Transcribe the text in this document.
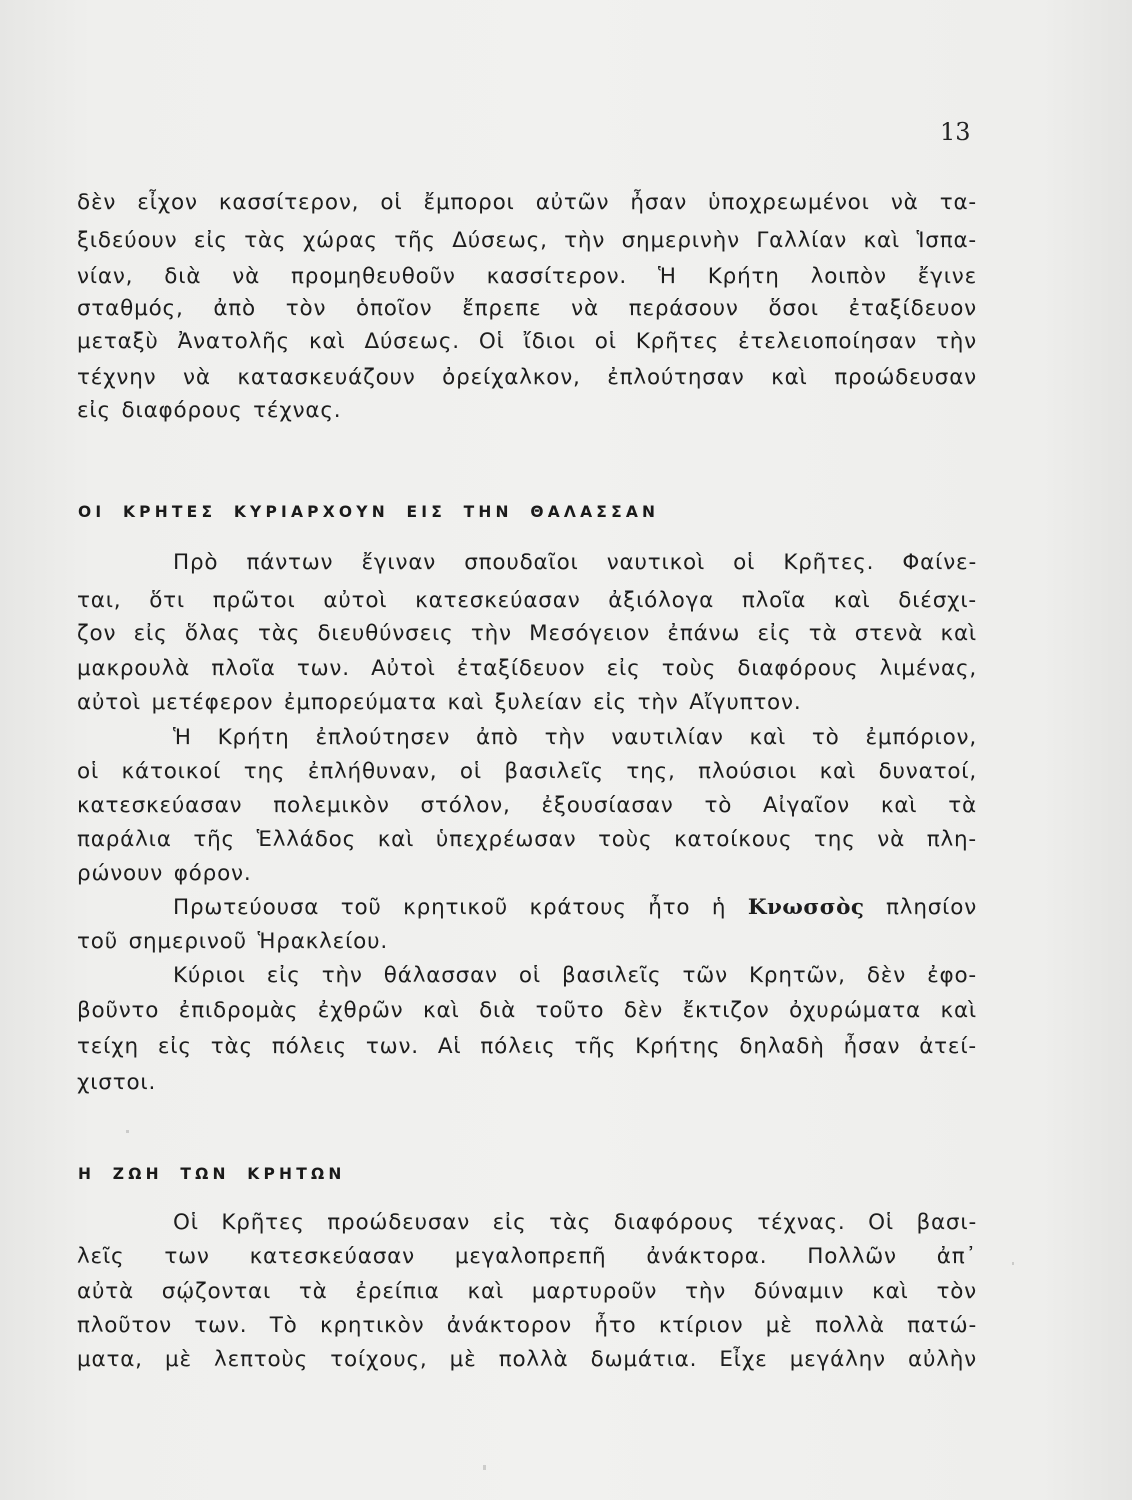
13
δὲν εἶχον κασσίτερον, οἱ ἔμποροι αὐτῶν ἦσαν ὑποχρεωμένοι νὰ τα-
ξιδεύουν εἰς τὰς χώρας τῆς Δύσεως, τὴν σημερινὴν Γαλλίαν καὶ Ἱσπα-
νίαν, διὰ νὰ προμηθευθοῦν κασσίτερον. Ἡ Κρήτη λοιπὸν ἔγινε
σταθμός, ἀπὸ τὸν ὁποῖον ἔπρεπε νὰ περάσουν ὅσοι ἐταξίδευον
μεταξὺ Ἀνατολῆς καὶ Δύσεως. Οἱ ἴδιοι οἱ Κρῆτες ἐτελειοποίησαν τὴν
τέχνην νὰ κατασκευάζουν ὀρείχαλκον, ἐπλούτησαν καὶ προώδευσαν
εἰς διαφόρους τέχνας.
ΟΙ ΚΡΗΤΕΣ ΚΥΡΙΑΡΧΟΥΝ ΕΙΣ ΤΗΝ ΘΑΛΑΣΣΑΝ
Πρὸ πάντων ἔγιναν σπουδαῖοι ναυτικοὶ οἱ Κρῆτες. Φαίνε-
ται, ὅτι πρῶτοι αὐτοὶ κατεσκεύασαν ἀξιόλογα πλοῖα καὶ διέσχι-
ζον εἰς ὅλας τὰς διευθύνσεις τὴν Μεσόγειον ἐπάνω εἰς τὰ στενὰ καὶ
μακρουλὰ πλοῖα των. Αὐτοὶ ἐταξίδευον εἰς τοὺς διαφόρους λιμένας,
αὐτοὶ μετέφερον ἐμπορεύματα καὶ ξυλείαν εἰς τὴν Αἴγυπτον.
Ἡ Κρήτη ἐπλούτησεν ἀπὸ τὴν ναυτιλίαν καὶ τὸ ἐμπόριον,
οἱ κάτοικοί της ἐπλήθυναν, οἱ βασιλεῖς της, πλούσιοι καὶ δυνατοί,
κατεσκεύασαν πολεμικὸν στόλον, ἐξουσίασαν τὸ Αἰγαῖον καὶ τὰ
παράλια τῆς Ἑλλάδος καὶ ὑπεχρέωσαν τοὺς κατοίκους της νὰ πλη-
ρώνουν φόρον.
Πρωτεύουσα τοῦ κρητικοῦ κράτους ἦτο ἡ Κνωσσὸς πλησίον
τοῦ σημερινοῦ Ἡρακλείου.
Κύριοι εἰς τὴν θάλασσαν οἱ βασιλεῖς τῶν Κρητῶν, δὲν ἐφο-
βοῦντο ἐπιδρομὰς ἐχθρῶν καὶ διὰ τοῦτο δὲν ἔκτιζον ὀχυρώματα καὶ
τείχη εἰς τὰς πόλεις των. Αἱ πόλεις τῆς Κρήτης δηλαδὴ ἦσαν ἀτεί-
χιστοι.
Η ΖΩΗ ΤΩΝ ΚΡΗΤΩΝ
Οἱ Κρῆτες προώδευσαν εἰς τὰς διαφόρους τέχνας. Οἱ βασι-
λεῖς των κατεσκεύασαν μεγαλοπρεπῆ ἀνάκτορα. Πολλῶν ἀπ᾽
αὐτὰ σῴζονται τὰ ἐρείπια καὶ μαρτυροῦν τὴν δύναμιν καὶ τὸν
πλοῦτον των. Τὸ κρητικὸν ἀνάκτορον ἦτο κτίριον μὲ πολλὰ πατώ-
ματα, μὲ λεπτοὺς τοίχους, μὲ πολλὰ δωμάτια. Εἶχε μεγάλην αὐλὴν
